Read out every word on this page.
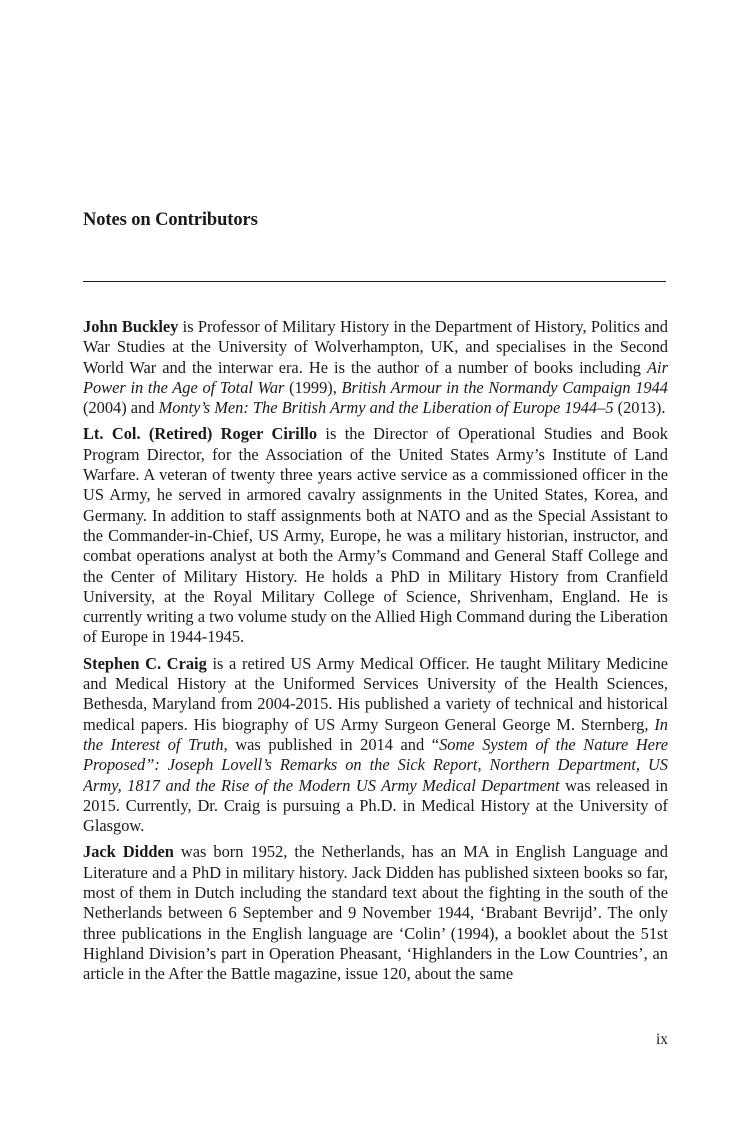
Notes on Contributors

John Buckley is Professor of Military History in the Department of History, Politics and War Studies at the University of Wolverhampton, UK, and specialises in the Second World War and the interwar era. He is the author of a number of books including Air Power in the Age of Total War (1999), British Armour in the Normandy Campaign 1944 (2004) and Monty’s Men: The British Army and the Liberation of Europe 1944–5 (2013).

Lt. Col. (Retired) Roger Cirillo is the Director of Operational Studies and Book Program Director, for the Association of the United States Army’s Institute of Land Warfare. A veteran of twenty three years active service as a commissioned officer in the US Army, he served in armored cavalry assignments in the United States, Korea, and Germany. In addition to staff assignments both at NATO and as the Special Assistant to the Commander-in-Chief, US Army, Europe, he was a military historian, instructor, and combat operations analyst at both the Army’s Command and General Staff College and the Center of Military History. He holds a PhD in Military History from Cranfield University, at the Royal Military College of Science, Shrivenham, England. He is currently writing a two volume study on the Allied High Command during the Liberation of Europe in 1944-1945.

Stephen C. Craig is a retired US Army Medical Officer. He taught Military Medicine and Medical History at the Uniformed Services University of the Health Sciences, Bethesda, Maryland from 2004-2015. His published a variety of technical and historical medical papers. His biography of US Army Surgeon General George M. Sternberg, In the Interest of Truth, was published in 2014 and “Some System of the Nature Here Proposed”: Joseph Lovell’s Remarks on the Sick Report, Northern Department, US Army, 1817 and the Rise of the Modern US Army Medical Department was released in 2015. Currently, Dr. Craig is pursuing a Ph.D. in Medical History at the University of Glasgow.

Jack Didden was born 1952, the Netherlands, has an MA in English Language and Literature and a PhD in military history. Jack Didden has published sixteen books so far, most of them in Dutch including the standard text about the fighting in the south of the Netherlands between 6 September and 9 November 1944, ‘Brabant Bevrijd’. The only three publications in the English language are ‘Colin’ (1994), a booklet about the 51st Highland Division’s part in Operation Pheasant, ‘Highlanders in the Low Countries’, an article in the After the Battle magazine, issue 120, about the same

ix
